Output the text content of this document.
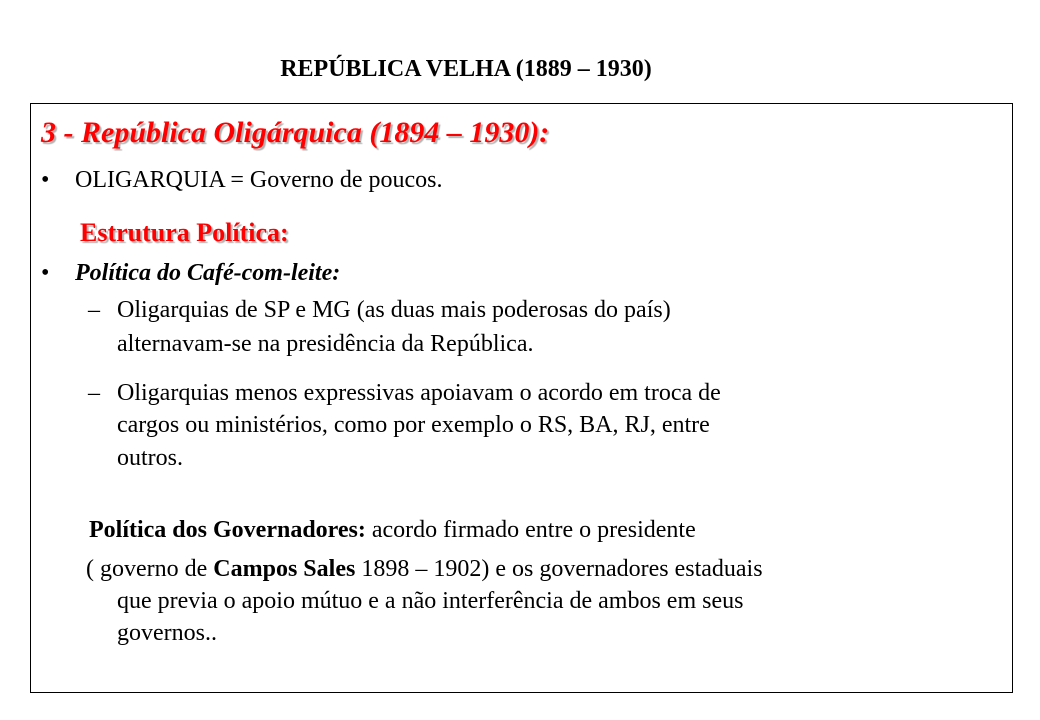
REPÚBLICA VELHA (1889 – 1930)
3 - República Oligárquica (1894 – 1930):
• OLIGARQUIA = Governo de poucos.

Estrutura Política:
• Política do Café-com-leite:

– Oligarquias de SP e MG (as duas mais poderosas do país)

alternavam-se na presidência da República.

– Oligarquias menos expressivas apoiavam o acordo em troca de

cargos ou ministérios, como por exemplo o RS, BA, RJ, entre

outros.

Política dos Governadores: acordo firmado entre o presidente

( governo de Campos Sales 1898 – 1902) e os governadores estaduais

que previa o apoio mútuo e a não interferência de ambos em seus

governos..
